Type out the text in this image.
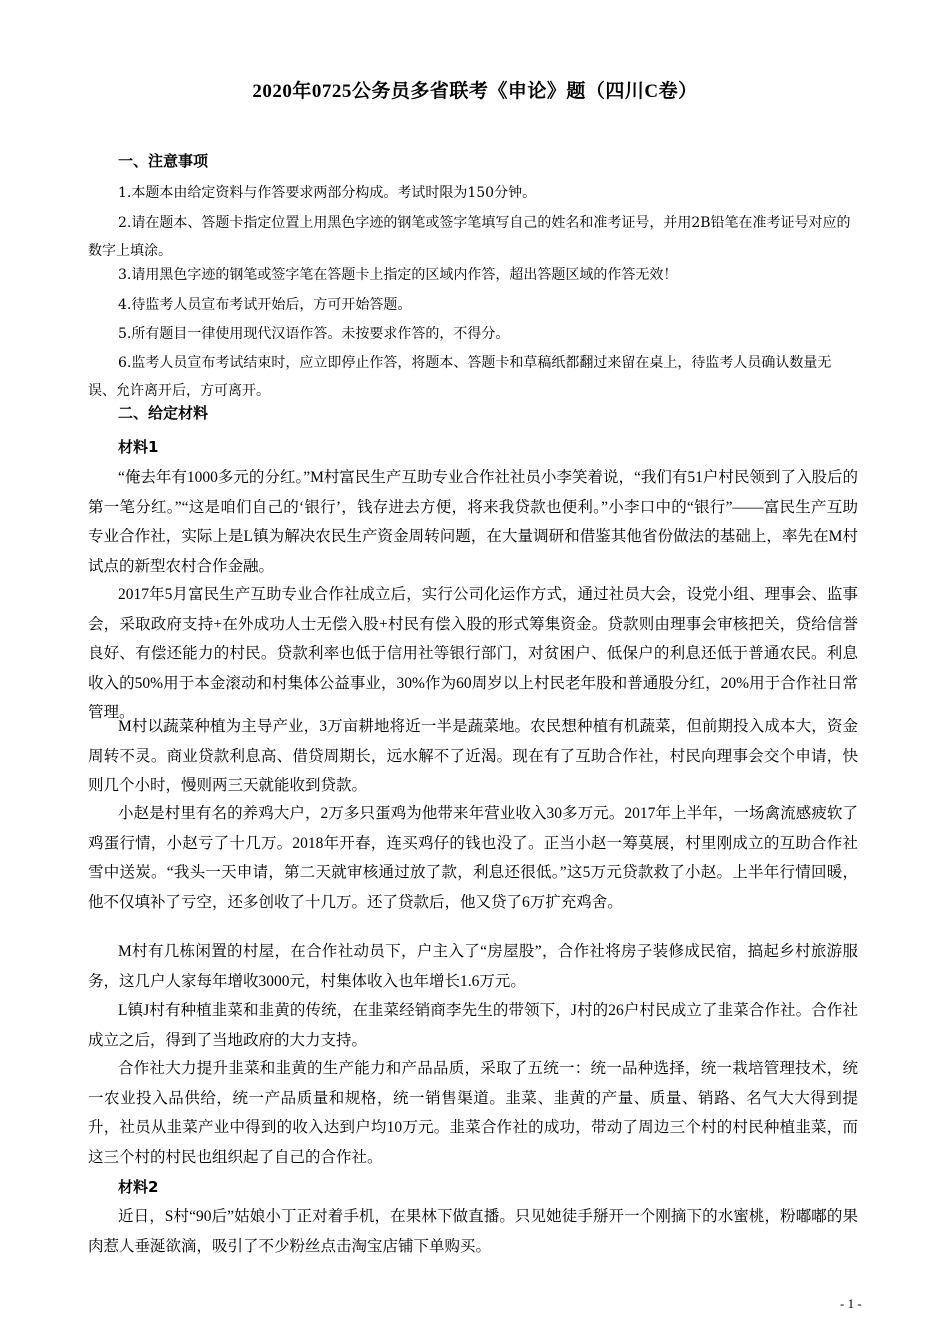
2020年0725公务员多省联考《申论》题（四川C卷）
一、注意事项

1.本题本由给定资料与作答要求两部分构成。考试时限为150分钟。

2.请在题本、答题卡指定位置上用黑色字迹的钢笔或签字笔填写自己的姓名和准考证号，并用2B铅笔在准考证号对应的数字上填涂。

3.请用黑色字迹的钢笔或签字笔在答题卡上指定的区域内作答，超出答题区域的作答无效！

4.待监考人员宣布考试开始后，方可开始答题。

5.所有题目一律使用现代汉语作答。未按要求作答的，不得分。

6.监考人员宣布考试结束时，应立即停止作答，将题本、答题卡和草稿纸都翻过来留在桌上，待监考人员确认数量无误、允许离开后，方可离开。

二、给定材料
材料1

“俺去年有1000多元的分红。”M村富民生产互助专业合作社社员小李笑着说，“我们有51户村民领到了入股后的第一笔分红。”“这是咱们自己的‘银行’，钱存进去方便，将来我贷款也便利。”小李口中的“银行”——富民生产互助专业合作社，实际上是L镇为解决农民生产资金周转问题，在大量调研和借鉴其他省份做法的基础上，率先在M村试点的新型农村合作金融。

2017年5月富民生产互助专业合作社成立后，实行公司化运作方式，通过社员大会，设党小组、理事会、监事会，采取政府支持+在外成功人士无偿入股+村民有偿入股的形式筹集资金。贷款则由理事会审核把关，贷给信誉良好、有偿还能力的村民。贷款利率也低于信用社等银行部门，对贫困户、低保户的利息还低于普通农民。利息收入的50%用于本金滚动和村集体公益事业，30%作为60周岁以上村民老年股和普通股分红，20%用于合作社日常管理。

M村以蔬菜种植为主导产业，3万亩耕地将近一半是蔬菜地。农民想种植有机蔬菜，但前期投入成本大，资金周转不灵。商业贷款利息高、借贷周期长，远水解不了近渴。现在有了互助合作社，村民向理事会交个申请，快则几个小时，慢则两三天就能收到贷款。

小赵是村里有名的养鸡大户，2万多只蛋鸡为他带来年营业收入30多万元。2017年上半年，一场禽流感疲软了鸡蛋行情，小赵亏了十几万。2018年开春，连买鸡仔的钱也没了。正当小赵一筹莫展，村里刚成立的互助合作社雪中送炭。“我头一天申请，第二天就审核通过放了款，利息还很低。”这5万元贷款救了小赵。上半年行情回暖，他不仅填补了亏空，还多创收了十几万。还了贷款后，他又贷了6万扩充鸡舍。

M村有几栋闲置的村屋，在合作社动员下，户主入了“房屋股”，合作社将房子装修成民宿，搞起乡村旅游服务，这几户人家每年增收3000元，村集体收入也年增长1.6万元。

L镇J村有种植韭菜和韭黄的传统，在韭菜经销商李先生的带领下，J村的26户村民成立了韭菜合作社。合作社成立之后，得到了当地政府的大力支持。

合作社大力提升韭菜和韭黄的生产能力和产品品质，采取了五统一：统一品种选择，统一栽培管理技术，统一农业投入品供给，统一产品质量和规格，统一销售渠道。韭菜、韭黄的产量、质量、销路、名气大大得到提升，社员从韭菜产业中得到的收入达到户均10万元。韭菜合作社的成功，带动了周边三个村的村民种植韭菜，而这三个村的村民也组织起了自己的合作社。

材料2

近日，S村“90后”姑娘小丁正对着手机，在果林下做直播。只见她徒手掰开一个刚摘下的水蜜桃，粉嘟嘟的果肉惹人垂涎欲滴，吸引了不少粉丝点击淘宝店铺下单购买。

- 1 -
